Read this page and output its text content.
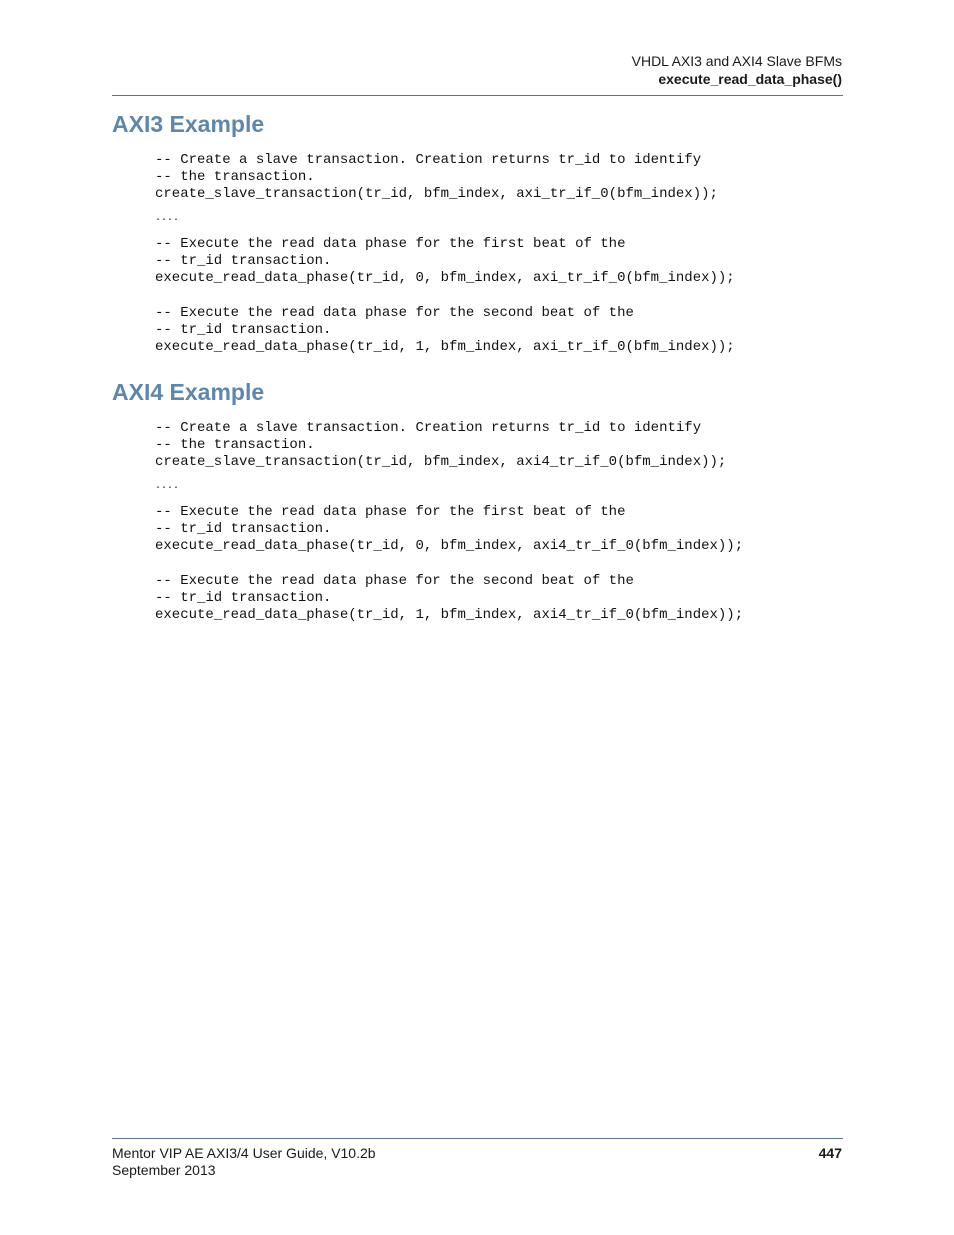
VHDL AXI3 and AXI4 Slave BFMs
execute_read_data_phase()
AXI3 Example
-- Create a slave transaction. Creation returns tr_id to identify
-- the transaction.
create_slave_transaction(tr_id, bfm_index, axi_tr_if_0(bfm_index));
....
-- Execute the read data phase for the first beat of the
-- tr_id transaction.
execute_read_data_phase(tr_id, 0, bfm_index, axi_tr_if_0(bfm_index));
-- Execute the read data phase for the second beat of the
-- tr_id transaction.
execute_read_data_phase(tr_id, 1, bfm_index, axi_tr_if_0(bfm_index));
AXI4 Example
-- Create a slave transaction. Creation returns tr_id to identify
-- the transaction.
create_slave_transaction(tr_id, bfm_index, axi4_tr_if_0(bfm_index));
....
-- Execute the read data phase for the first beat of the
-- tr_id transaction.
execute_read_data_phase(tr_id, 0, bfm_index, axi4_tr_if_0(bfm_index));
-- Execute the read data phase for the second beat of the
-- tr_id transaction.
execute_read_data_phase(tr_id, 1, bfm_index, axi4_tr_if_0(bfm_index));
Mentor VIP AE AXI3/4 User Guide, V10.2b
September 2013
447
